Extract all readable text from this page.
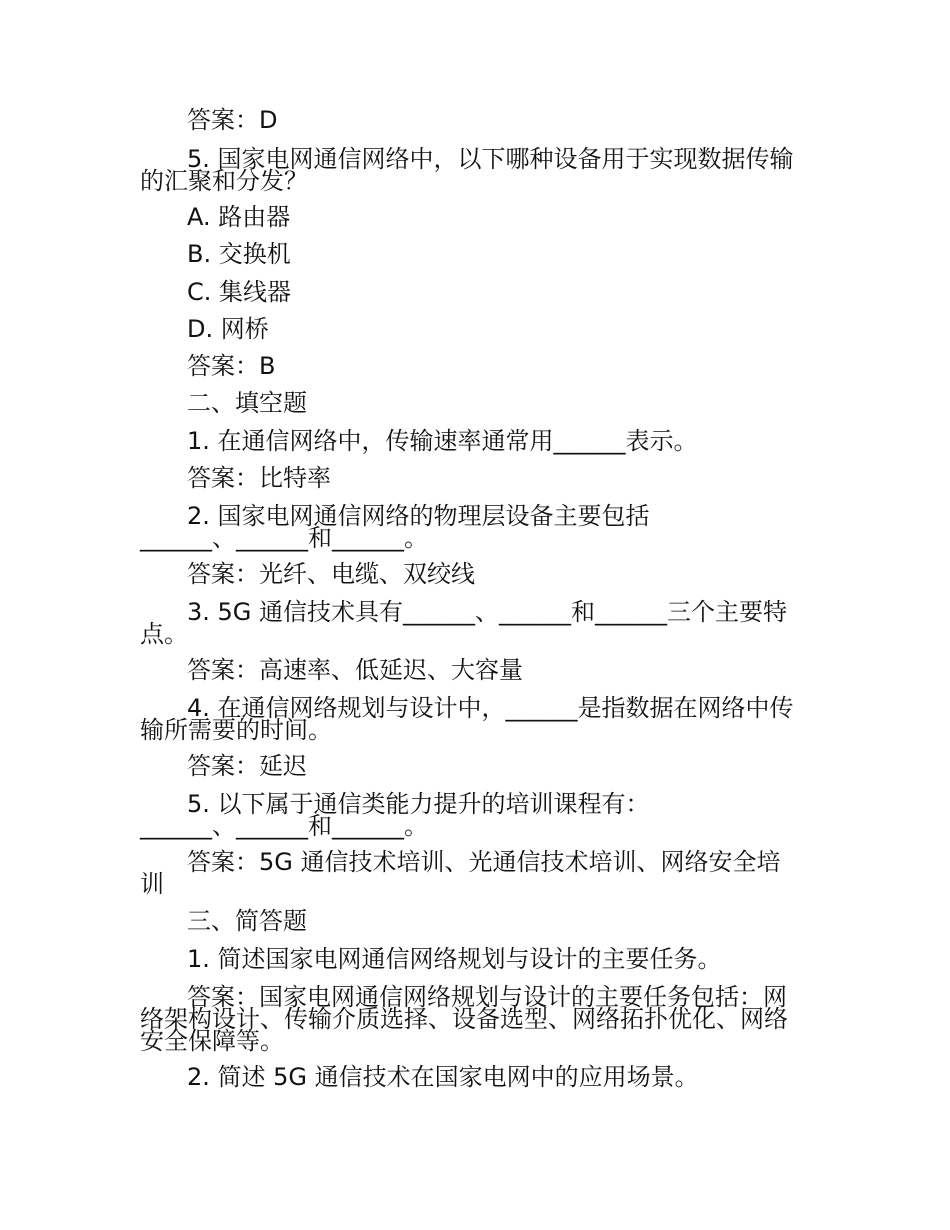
答案：D

5. 国家电网通信网络中，以下哪种设备用于实现数据传输

的汇聚和分发？

A. 路由器

B. 交换机

C. 集线器

D. 网桥

答案：B

二、填空题

1. 在通信网络中，传输速率通常用______表示。

答案：比特率

2. 国家电网通信网络的物理层设备主要包括

______、______和______。

答案：光纤、电缆、双绞线

3. 5G 通信技术具有______、______和______三个主要特

点。

答案：高速率、低延迟、大容量

4. 在通信网络规划与设计中，______是指数据在网络中传

输所需要的时间。

答案：延迟

5. 以下属于通信类能力提升的培训课程有：

______、______和______。

答案：5G 通信技术培训、光通信技术培训、网络安全培

训

三、简答题

1. 简述国家电网通信网络规划与设计的主要任务。

答案：国家电网通信网络规划与设计的主要任务包括：网

络架构设计、传输介质选择、设备选型、网络拓扑优化、网络

安全保障等。

2. 简述 5G 通信技术在国家电网中的应用场景。
